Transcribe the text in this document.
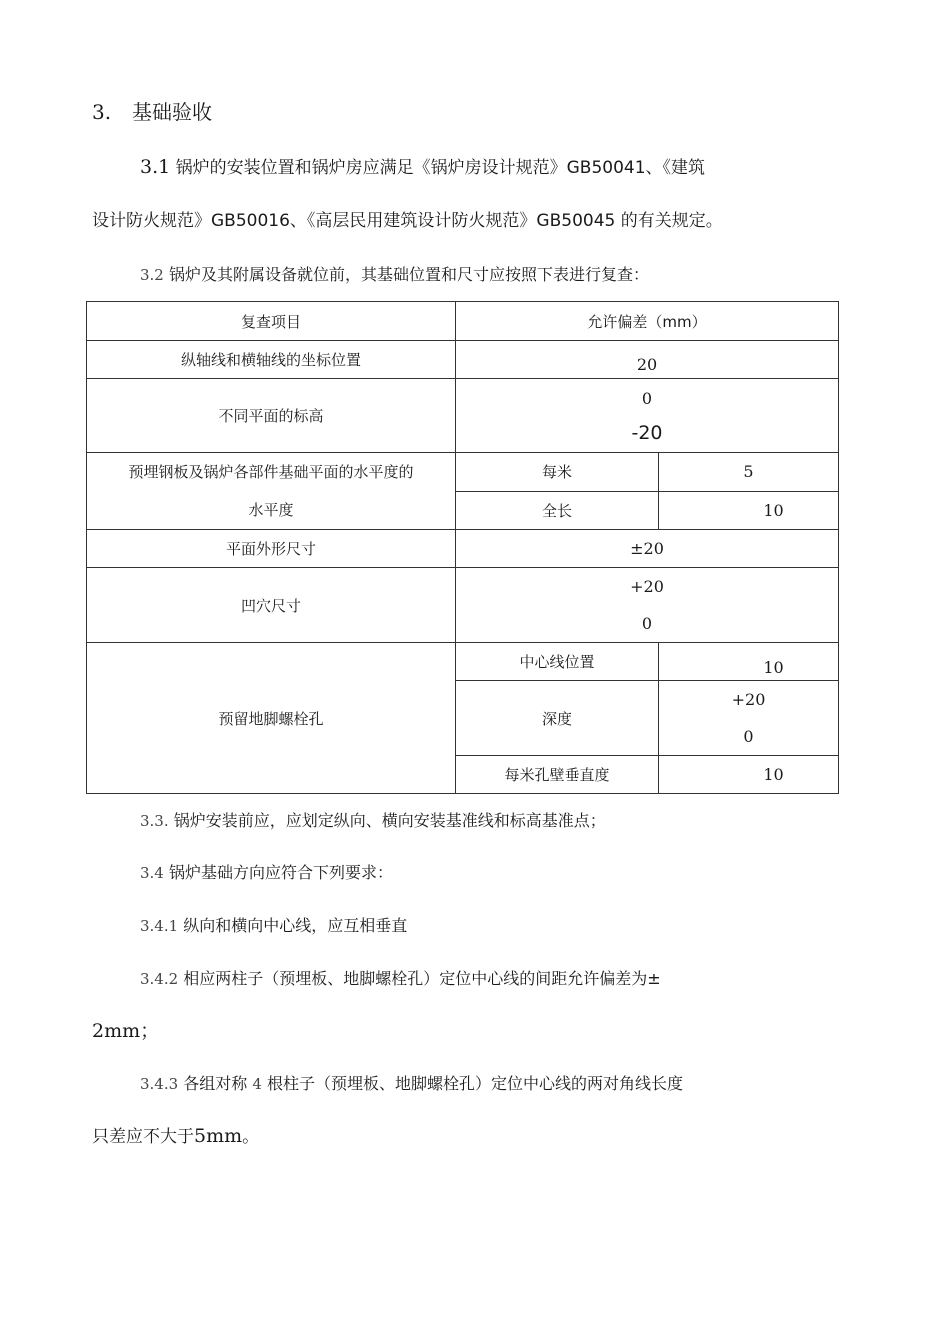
3. 基础验收
3.1 锅炉的安装位置和锅炉房应满足《锅炉房设计规范》GB50041、《建筑
设计防火规范》GB50016、《高层民用建筑设计防火规范》GB50045 的有关规定。
3.2 锅炉及其附属设备就位前，其基础位置和尺寸应按照下表进行复查：
复查项目	允许偏差（mm）	
纵轴线和横轴线的坐标位置	20	
不同平面的标高	0
-20	

预埋钢板及锅炉各部件基础平面的水平度的
水平度	每米	5
	全长	10
平面外形尺寸	±20	
凹穴尺寸	+20
0	

预留地脚螺栓孔	中心线位置	10
	深度	+20
0

	每米孔壁垂直度	10
3.3. 锅炉安装前应，应划定纵向、横向安装基准线和标高基准点；
3.4 锅炉基础方向应符合下列要求：
3.4.1 纵向和横向中心线，应互相垂直
3.4.2 相应两柱子（预埋板、地脚螺栓孔）定位中心线的间距允许偏差为±
2mm；
3.4.3 各组对称 4 根柱子（预埋板、地脚螺栓孔）定位中心线的两对角线长度
只差应不大于5mm。
